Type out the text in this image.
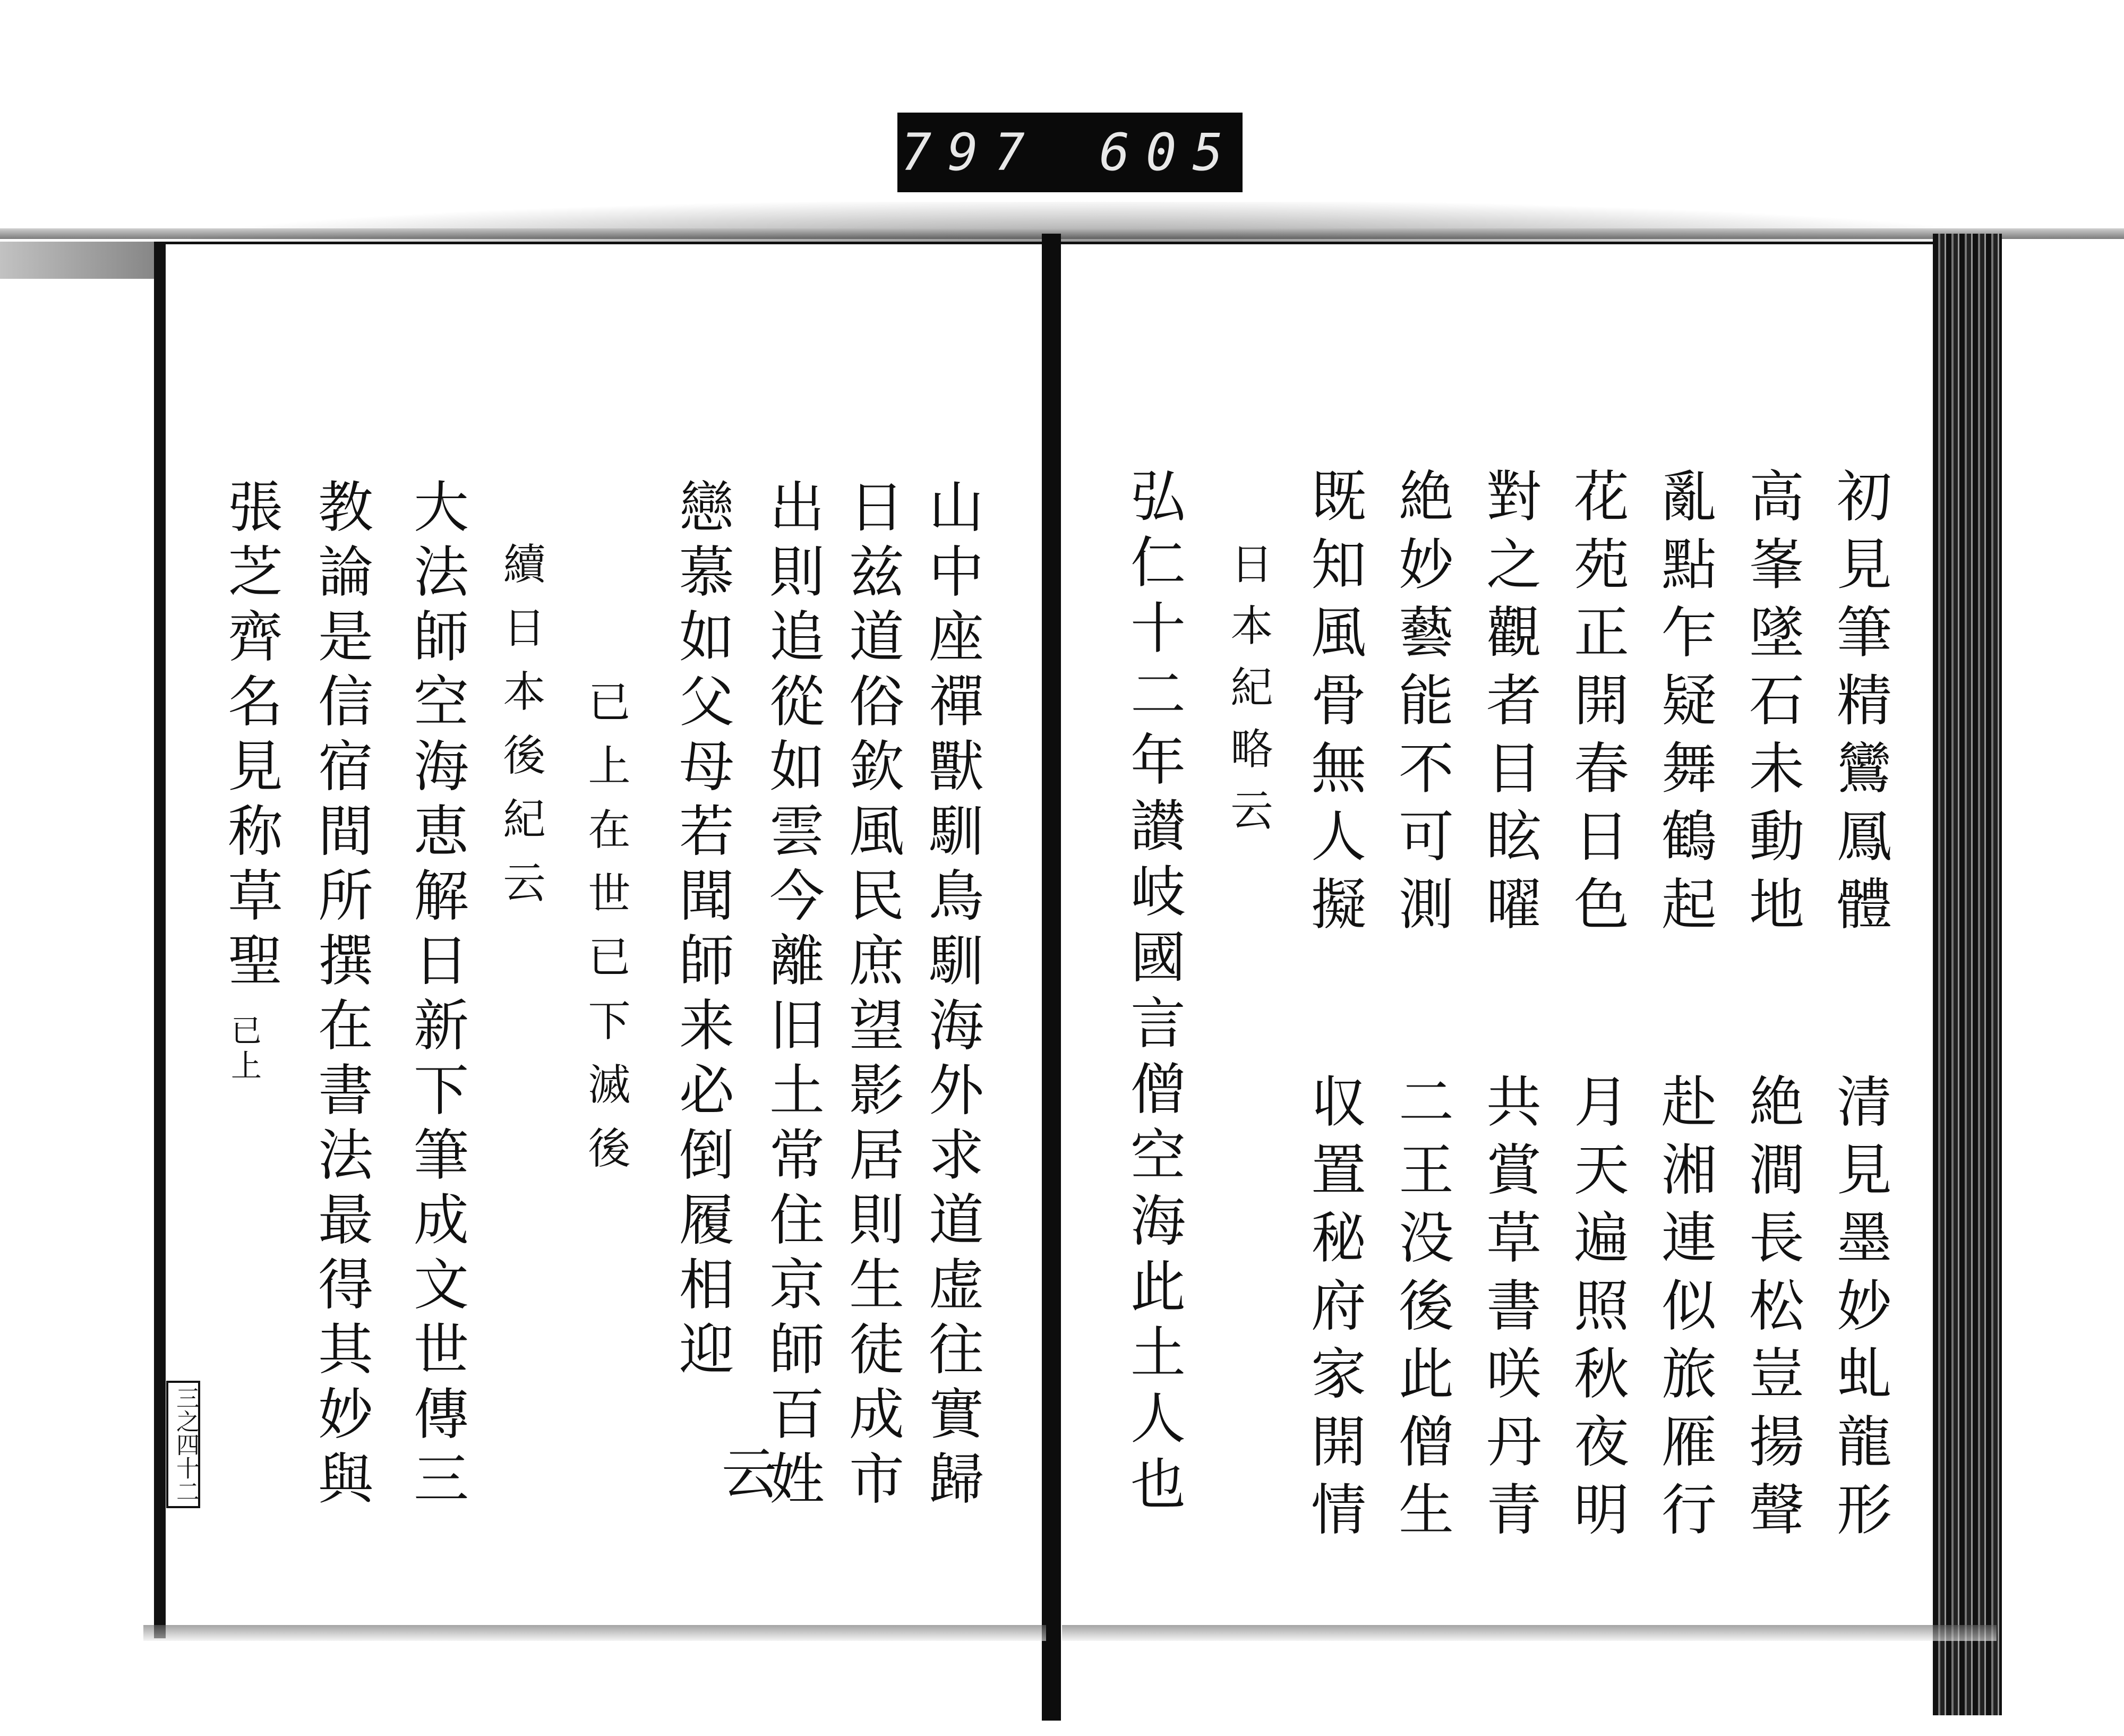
797 605
初見筆精鸞鳳體
高峯墜石未動地
亂點乍疑舞鶴起
花苑正開春日色
對之觀者目眩曜
絶妙藝能不可測
既知風骨無人擬
日本紀略云
弘仁十二年讃岐國言僧空海此土人也	清見墨妙虬龍形
絶澗長松豈揚聲
赴湘連似旅雁行
月天遍照秋夜明
共賞草書咲丹青
二王没後此僧生
収置秘府家開情
山中座禪獸馴鳥馴海外求道虚往實歸
日兹道俗欽風民庶望影居則生徒成市
出則追從如雲今離旧土常住京師百姓
戀慕如父母若聞師来必倒履相迎
云
已上在世已下滅後
續日本後紀云
大法師空海恵解日新下筆成文世傳三
教論是信宿間所撰在書法最得其妙與
張芝齊名見称草聖
已上
三之四十二
